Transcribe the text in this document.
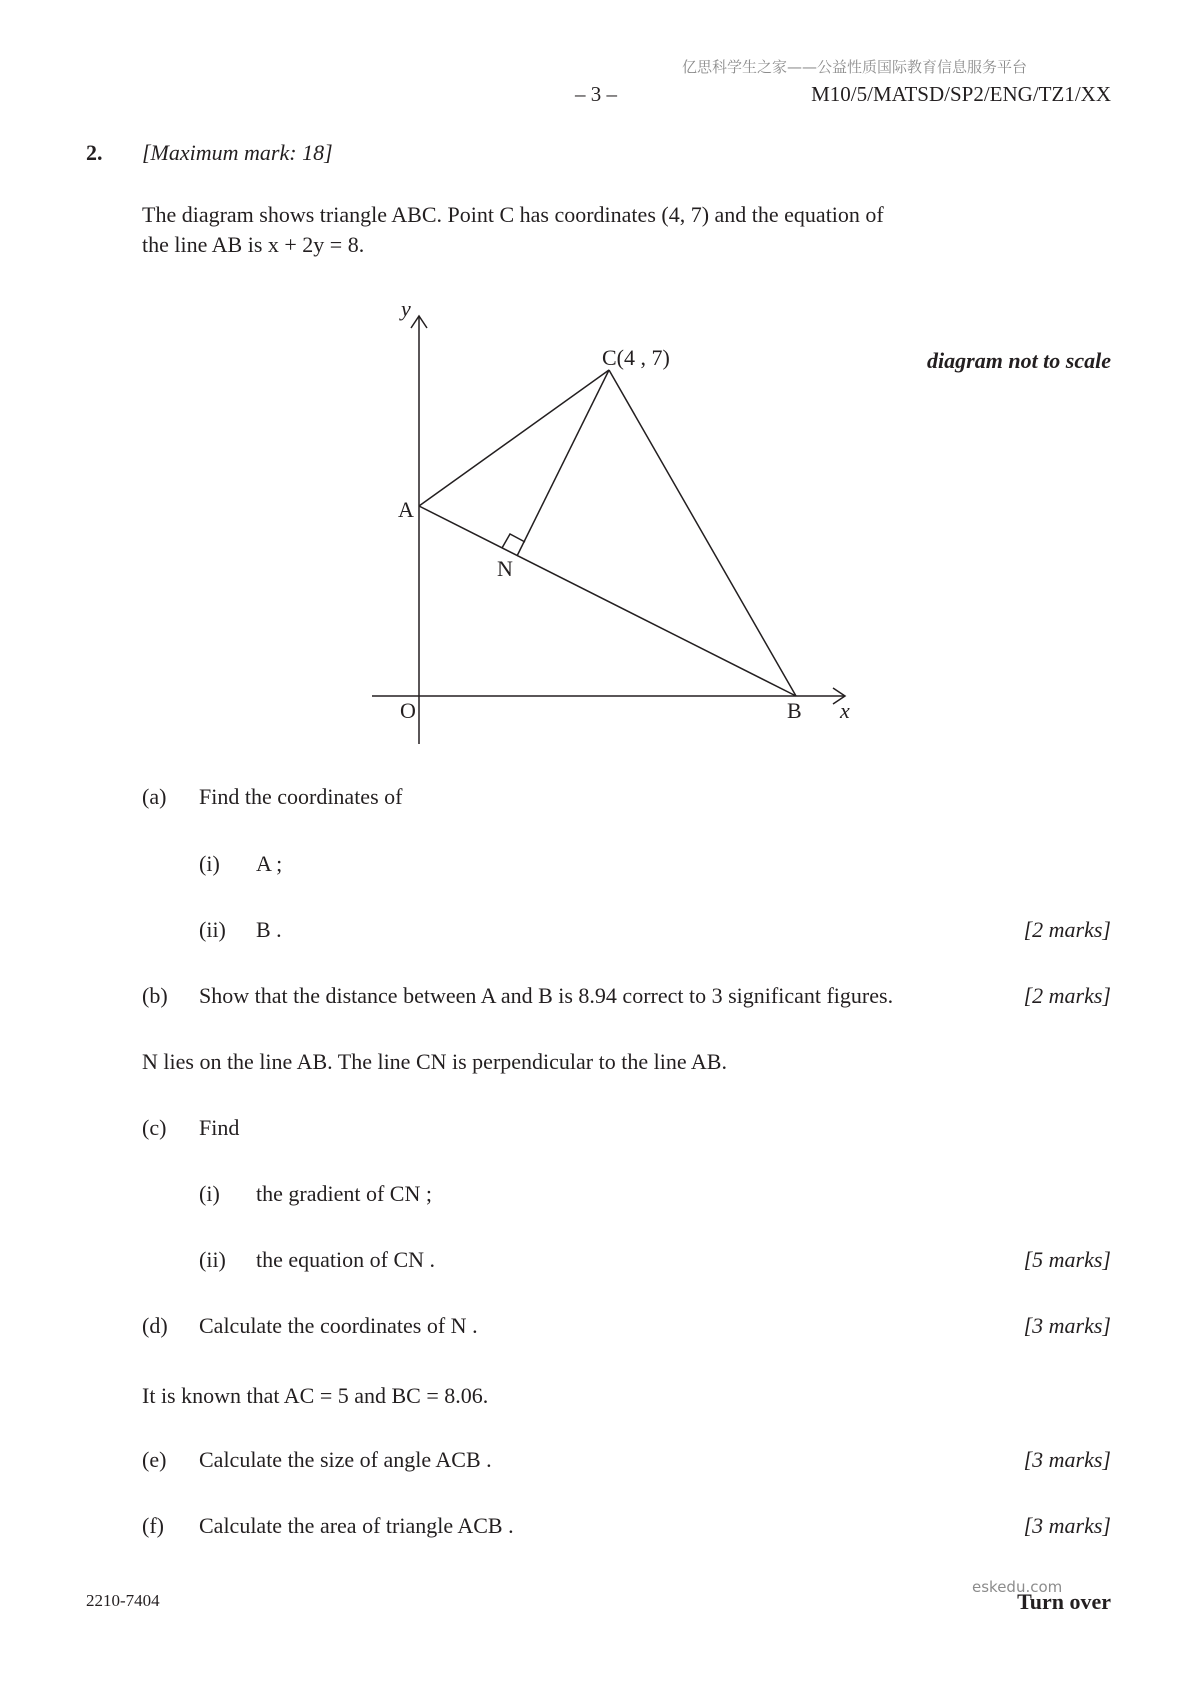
亿思科学生之家——公益性质国际教育信息服务平台
– 3 –	M10/5/MATSD/SP2/ENG/TZ1/XX
2. [Maximum mark: 18]
The diagram shows triangle ABC. Point C has coordinates (4, 7) and the equation of
the line AB is x + 2y = 8.
y
x
C(4 , 7)
A
N
O	B
diagram not to scale
(a) Find the coordinates of
(i) A ;
(ii) B .	[2 marks]
(b) Show that the distance between A and B is 8.94 correct to 3 significant figures.	[2 marks]
N lies on the line AB. The line CN is perpendicular to the line AB.
(c) Find
(i) the gradient of CN ;
(ii) the equation of CN .	[5 marks]
(d) Calculate the coordinates of N .	[3 marks]
It is known that AC = 5 and BC = 8.06.
(e) Calculate the size of angle ACB .	[3 marks]
(f) Calculate the area of triangle ACB .	[3 marks]
2210-7404	Turn over
eskedu.com
